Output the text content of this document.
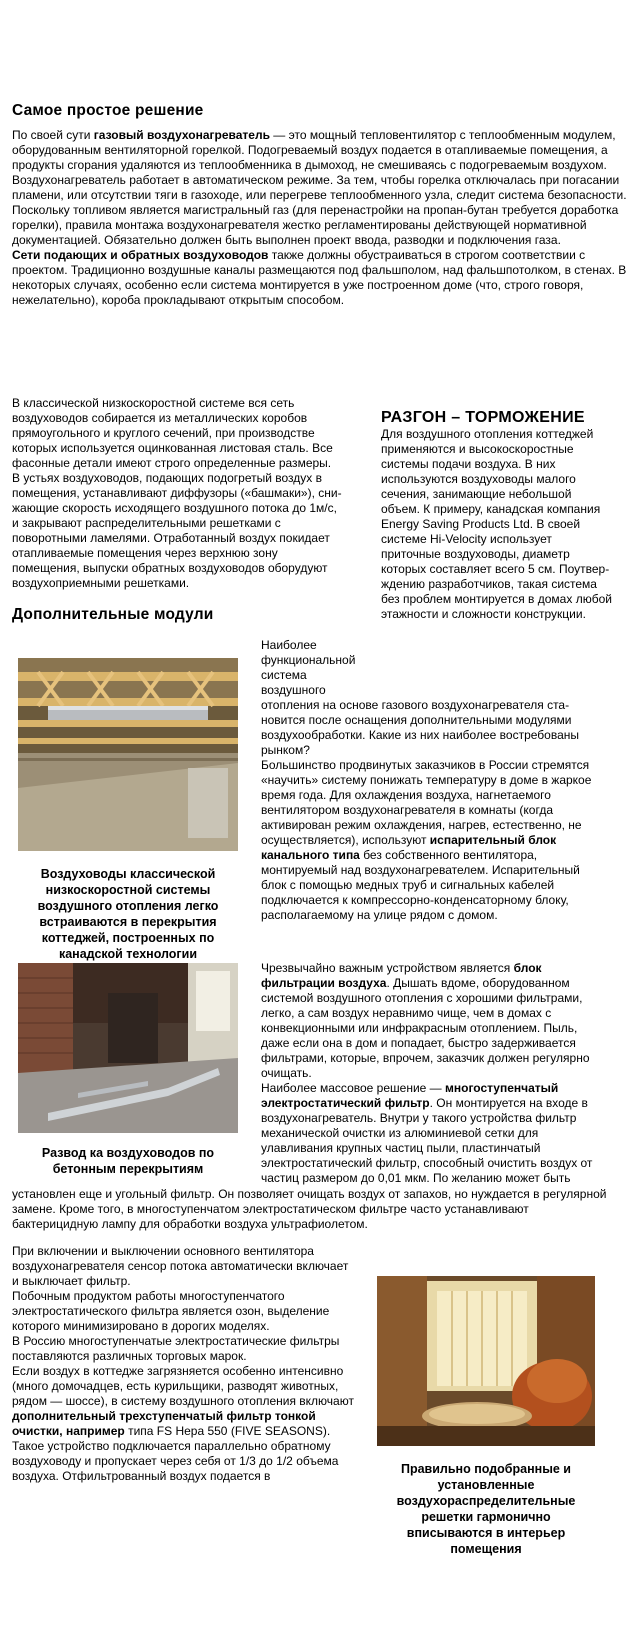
Самое простое решение

По своей сути газовый воздухонагреватель — это мощный тепловентилятор с теплообменным модулем, оборудованным вентиляторной горелкой. Подогреваемый воздух подается в отапливаемые помещения, а продукты сгорания удаляются из теплообменника в дымоход, не смешиваясь с подогреваемым воздухом.

Воздухонагреватель работает в автоматическом режиме. За тем, чтобы горелка отключалась при погасании пламени, или отсутствии тяги в газоходе, или перегреве теплообменного узла, следит система безопасности.

Поскольку топливом является магистральный газ (для перенастройки на пропан-бутан требуется доработка горелки), правила монтажа воздухонагревателя жестко регламентированы действующей нормативной документацией. Обязательно должен быть выполнен проект ввода, разводки и подключения газа.

Сети подающих и обратных воздуховодов также должны обустраиваться в строгом соответствии с проектом. Традиционно воздушные каналы размещаются под фальшполом, над фальшпотолком, в стенах. В некоторых случаях, особенно если система монтируется в уже построенном доме (что, строго говоря, нежелательно), короба прокладывают открытым способом.

В классической низкоскоростной системе вся сеть воздуховодов собирается из металлических коробов прямоугольного и круглого сечений, при производстве которых используется оцинкованная листовая сталь. Все фасонные детали имеют строго определенные размеры.

В устьях воздуховодов, подающих подогретый воздух в помещения, устанавливают диффузоры («башмаки»), сни-жающие скорость исходящего воздушного потока до 1м/с, и закрывают распределительными решетками с поворотными ламелями. Отработанный воздух покидает отапливаемые помещения через верхнюю зону помещения, выпуски обратных воздуховодов оборудуют воздухоприемными решетками.

РАЗГОН – ТОРМОЖЕНИЕ

Для воздушного отопления коттеджей применяются и высокоскоростные системы подачи воздуха. В них используются воздуховоды малого сечения, занимающие небольшой объем. К примеру, канадская компания Energy Saving Products Ltd. В своей системе Hi-Velocity использует приточные воздуховоды, диаметр которых составляет всего 5 см. Поутвер-ждению разработчиков, такая система без проблем монтируется в домах любой этажности и сложности конструкции.

Дополнительные модули
Наиболее
функциональной
система
воздушного

отопления на основе газового воздухонагревателя ста-новится после оснащения дополнительными модулями воздухообработки. Какие из них наиболее востребованы рынком?

Большинство продвинутых заказчиков в России стремятся «научить» систему понижать температуру в доме в жаркое время года. Для охлаждения воздуха, нагнетаемого вентилятором воздухонагревателя в комнаты (когда активирован режим охлаждения, нагрев, естественно, не осуществляется), используют испарительный блок канального типа без собственного вентилятора, монтируемый над воздухонагревателем. Испарительный блок с помощью медных труб и сигнальных кабелей подключается к компрессорно-конденсаторному блоку, располагаемому на улице рядом с домом.

Воздуховоды классической низкоскоростной системы воздушного отопления легко встраиваются в перекрытия коттеджей, построенных по канадской технологии

Развод ка воздуховодов по бетонным перекрытиям

Чрезвычайно важным устройством является блок фильтрации воздуха. Дышать вдоме, оборудованном системой воздушного отопления с хорошими фильтрами, легко, а сам воздух неравнимо чище, чем в домах с конвекционными или инфракрасным отоплением. Пыль, даже если она в дом и попадает, быстро задерживается фильтрами, которые, впрочем, заказчик должен регулярно очищать.

Наиболее массовое решение — многоступенчатый электростатический фильтр. Он монтируется на входе в воздухонагреватель. Внутри у такого устройства фильтр механической очистки из алюминиевой сетки для улавливания крупных частиц пыли, пластинчатый электростатический фильтр, способный очистить воздух от частиц размером до 0,01 мкм. По желанию может быть

установлен еще и угольный фильтр. Он позволяет очищать воздух от запахов, но нуждается в регулярной замене. Кроме того, в многоступенчатом электростатическом фильтре часто устанавливают бактерицидную лампу для обработки воздуха ультрафиолетом.

При включении и выключении основного вентилятора воздухонагревателя сенсор потока автоматически включает и выключает фильтр.

Побочным продуктом работы многоступенчатого электростатического фильтра является озон, выделение которого минимизировано в дорогих моделях.

В Россию многоступенчатые электростатические фильтры поставляются различных торговых марок.

Если воздух в коттедже загрязняется особенно интенсивно (много домочадцев, есть курильщики, разводят животных, рядом — шоссе), в систему воздушного отопления включают дополнительный трехступенчатый фильтр тонкой очистки, например типа FS Hepa 550 (FIVE SEASONS). Такое устройство подключается параллельно обратному воздуховоду и пропускает через себя от 1/3 до 1/2 объема воздуха. Отфильтрованный воздух подается в	Правильно подобранные и установленные воздухораспределительные решетки гармонично вписываются в интерьер помещения
